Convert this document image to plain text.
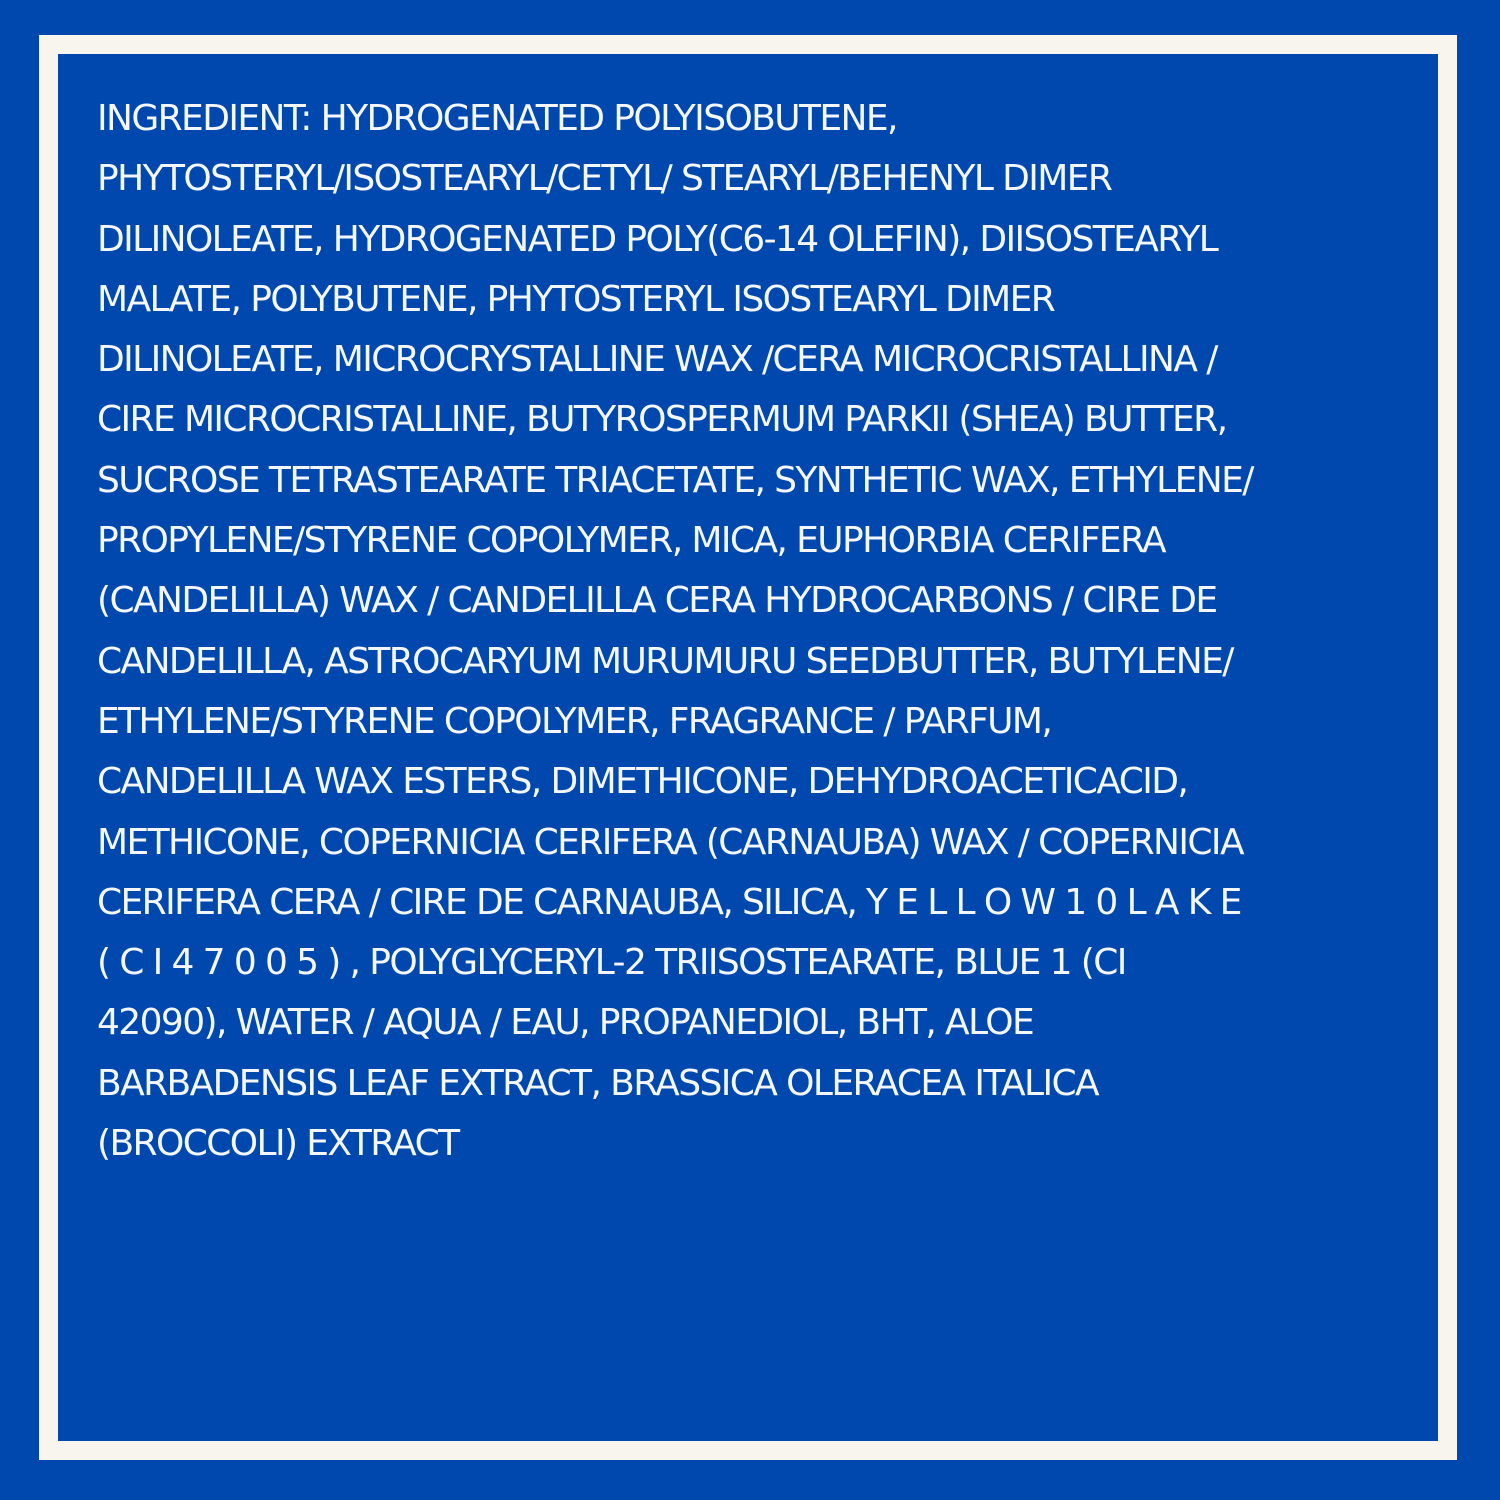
INGREDIENT: HYDROGENATED POLYISOBUTENE,
PHYTOSTERYL/ISOSTEARYL/CETYL/ STEARYL/BEHENYL DIMER
DILINOLEATE, HYDROGENATED POLY(C6-14 OLEFIN), DIISOSTEARYL
MALATE, POLYBUTENE, PHYTOSTERYL ISOSTEARYL DIMER
DILINOLEATE, MICROCRYSTALLINE WAX /CERA MICROCRISTALLINA /
CIRE MICROCRISTALLINE, BUTYROSPERMUM PARKII (SHEA) BUTTER,
SUCROSE TETRASTEARATE TRIACETATE, SYNTHETIC WAX, ETHYLENE/
PROPYLENE/STYRENE COPOLYMER, MICA, EUPHORBIA CERIFERA
(CANDELILLA) WAX / CANDELILLA CERA HYDROCARBONS / CIRE DE
CANDELILLA, ASTROCARYUM MURUMURU SEEDBUTTER, BUTYLENE/
ETHYLENE/STYRENE COPOLYMER, FRAGRANCE / PARFUM,
CANDELILLA WAX ESTERS, DIMETHICONE, DEHYDROACETICACID,
METHICONE, COPERNICIA CERIFERA (CARNAUBA) WAX / COPERNICIA
CERIFERA CERA / CIRE DE CARNAUBA, SILICA, Y E L L O W 1 0 L A K E
( C I 4 7 0 0 5 ) , POLYGLYCERYL-2 TRIISOSTEARATE, BLUE 1 (CI
42090), WATER / AQUA / EAU, PROPANEDIOL, BHT, ALOE
BARBADENSIS LEAF EXTRACT, BRASSICA OLERACEA ITALICA
(BROCCOLI) EXTRACT
